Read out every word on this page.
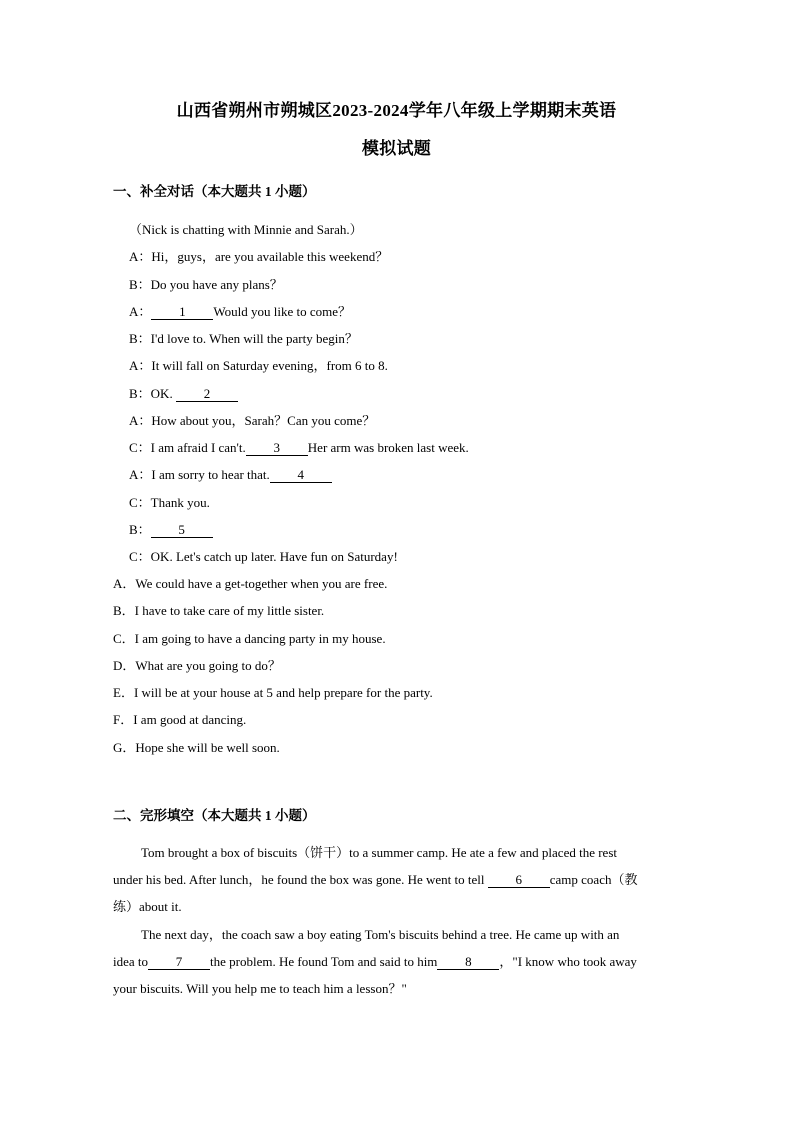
山西省朔州市朔城区2023-2024学年八年级上学期期末英语
模拟试题
一、补全对话（本大题共 1 小题）
（Nick is chatting with Minnie and Sarah.）
A：Hi，guys，are you available this weekend？
B：Do you have any plans？
A： 1 Would you like to come？
B：I'd love to. When will the party begin？
A：It will fall on Saturday evening，from 6 to 8.
B：OK. 2
A：How about you，Sarah？Can you come？
C：I am afraid I can't. 3 Her arm was broken last week.
A：I am sorry to hear that. 4
C：Thank you.
B： 5
C：OK. Let's catch up later. Have fun on Saturday!
A．We could have a get-together when you are free.
B．I have to take care of my little sister.
C．I am going to have a dancing party in my house.
D．What are you going to do？
E．I will be at your house at 5 and help prepare for the party.
F．I am good at dancing.
G．Hope she will be well soon.
二、完形填空（本大题共 1 小题）
Tom brought a box of biscuits（饼干）to a summer camp. He ate a few and placed the rest
under his bed. After lunch，he found the box was gone. He went to tell 6 camp coach（教
练）about it.
The next day，the coach saw a boy eating Tom's biscuits behind a tree. He came up with an
idea to 7 the problem. He found Tom and said to him 8 ，"I know who took away
your biscuits. Will you help me to teach him a lesson？"
